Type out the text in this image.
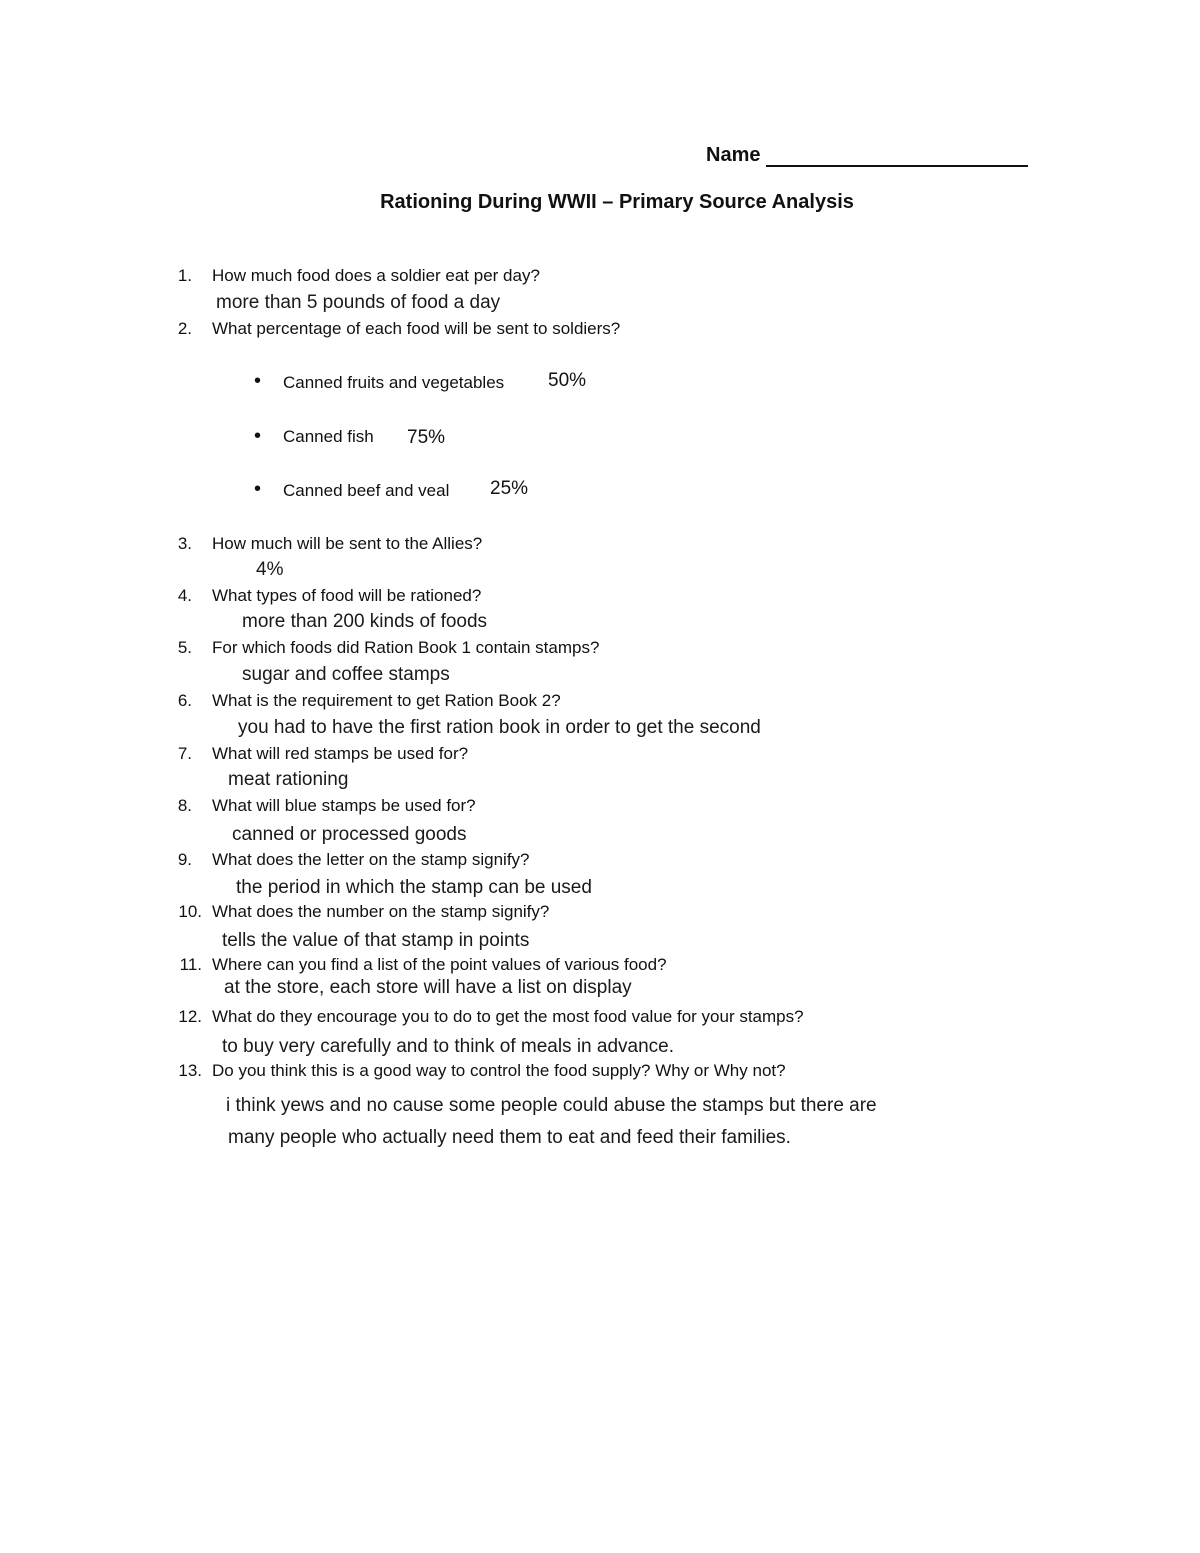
Name
Rationing During WWII – Primary Source Analysis
1. How much food does a soldier eat per day?
more than 5 pounds of food a day
2. What percentage of each food will be sent to soldiers?
• Canned fruits and vegetables 50%
• Canned fish 75%
• Canned beef and veal 25%
3. How much will be sent to the Allies?
4%
4. What types of food will be rationed?
more than 200 kinds of foods
5. For which foods did Ration Book 1 contain stamps?
sugar and coffee stamps
6. What is the requirement to get Ration Book 2?
you had to have the first ration book in order to get the second
7. What will red stamps be used for?
meat rationing
8. What will blue stamps be used for?
canned or processed goods
9. What does the letter on the stamp signify?
the period in which the stamp can be used
10. What does the number on the stamp signify?
tells the value of that stamp in points
11. Where can you find a list of the point values of various food?
at the store, each store will have a list on display
12. What do they encourage you to do to get the most food value for your stamps?
to buy very carefully and to think of meals in advance.
13. Do you think this is a good way to control the food supply? Why or Why not?
i think yews and no cause some people could abuse the stamps but there are
many people who actually need them to eat and feed their families.
